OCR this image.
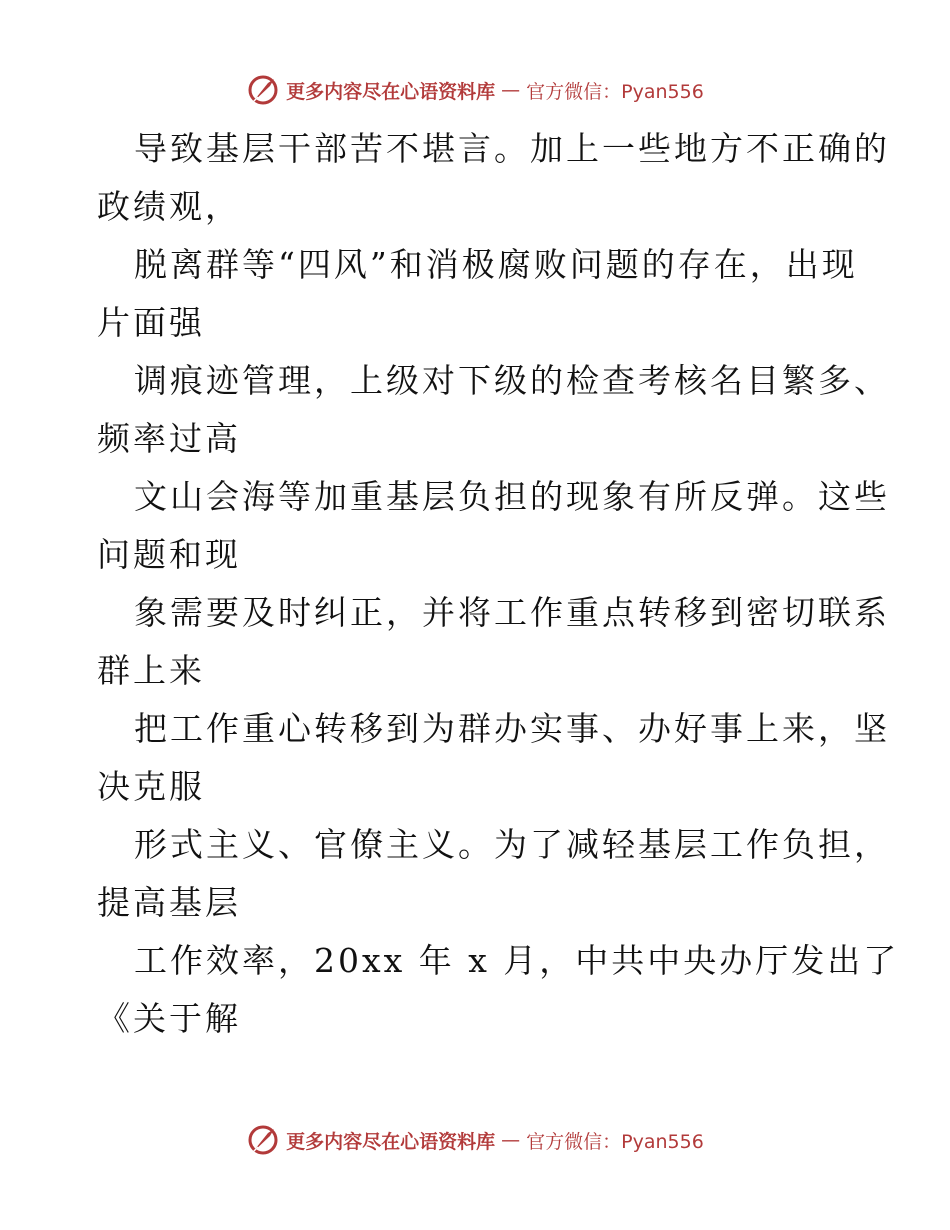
更多内容尽在心语资料库 — 官方微信：Pyan556
导致基层干部苦不堪言。加上一些地方不正确的
政绩观，
脱离群等“四风”和消极腐败问题的存在，出现
片面强
调痕迹管理，上级对下级的检查考核名目繁多、
频率过高
文山会海等加重基层负担的现象有所反弹。这些
问题和现
象需要及时纠正，并将工作重点转移到密切联系
群上来
把工作重心转移到为群办实事、办好事上来，坚
决克服
形式主义、官僚主义。为了减轻基层工作负担，
提高基层
工作效率，20xx 年 x 月，中共中央办厅发出了
《关于解
更多内容尽在心语资料库 — 官方微信：Pyan556
